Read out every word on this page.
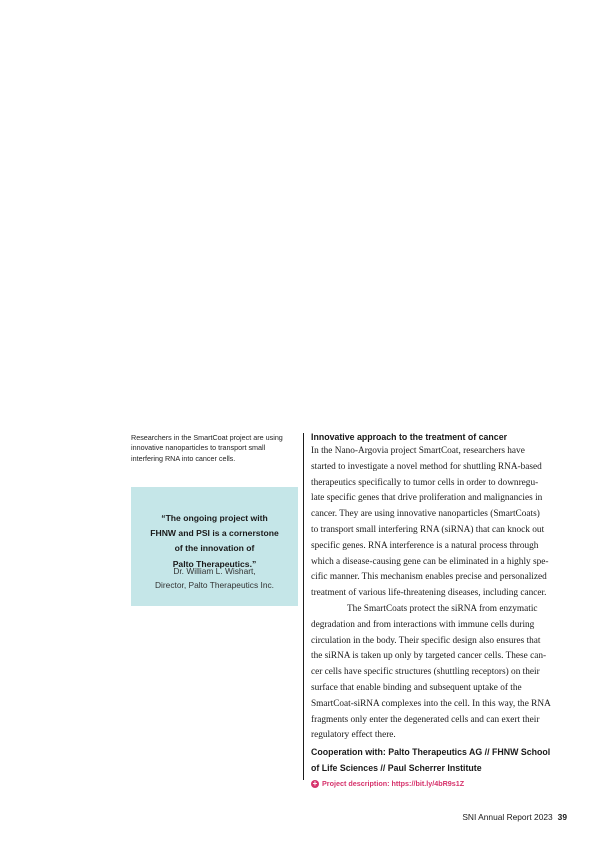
Researchers in the SmartCoat project are using innovative nanoparticles to transport small interfering RNA into cancer cells.
“The ongoing project with
FHNW and PSI is a cornerstone
of the innovation of
Palto Therapeutics.”
Dr. William L. Wishart,
Director, Palto Therapeutics Inc.
Innovative approach to the treatment of cancer
In the Nano-Argovia project SmartCoat, researchers have
started to investigate a novel method for shuttling RNA-based
therapeutics specifically to tumor cells in order to downregu-
late specific genes that drive proliferation and malignancies in
cancer. They are using innovative nanoparticles (SmartCoats)
to transport small interfering RNA (siRNA) that can knock out
specific genes. RNA interference is a natural process through
which a disease-causing gene can be eliminated in a highly spe-
cific manner. This mechanism enables precise and personalized
treatment of various life-threatening diseases, including cancer.
The SmartCoats protect the siRNA from enzymatic
degradation and from interactions with immune cells during
circulation in the body. Their specific design also ensures that
the siRNA is taken up only by targeted cancer cells. These can-
cer cells have specific structures (shuttling receptors) on their
surface that enable binding and subsequent uptake of the
SmartCoat-siRNA complexes into the cell. In this way, the RNA
fragments only enter the degenerated cells and can exert their
regulatory effect there.
Cooperation with: Palto Therapeutics AG // FHNW School
of Life Sciences // Paul Scherrer Institute
+ Project description: https://bit.ly/4bR9s1Z
SNI Annual Report 2023 39
